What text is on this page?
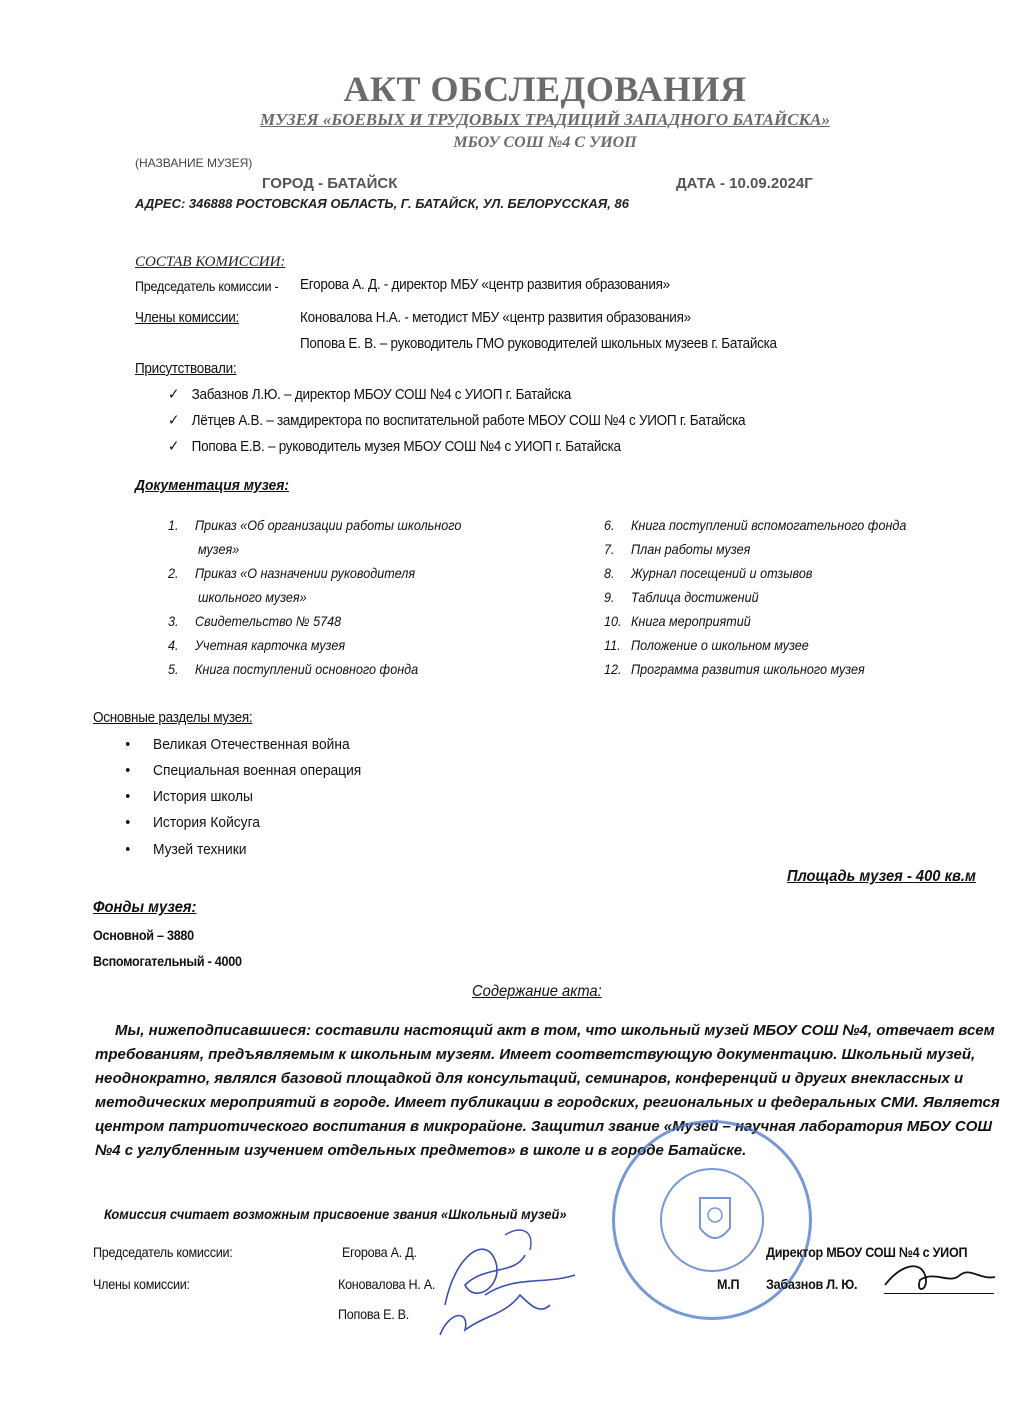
АКТ ОБСЛЕДОВАНИЯ
МУЗЕЯ «БОЕВЫХ И ТРУДОВЫХ ТРАДИЦИЙ ЗАПАДНОГО БАТАЙСКА»
МБОУ СОШ №4 С УИОП
(НАЗВАНИЕ МУЗЕЯ)
ГОРОД - БАТАЙСК	ДАТА - 10.09.2024Г
АДРЕС: 346888 РОСТОВСКАЯ ОБЛАСТЬ, Г. БАТАЙСК, УЛ. БЕЛОРУССКАЯ, 86
СОСТАВ КОМИССИИ:
Председатель комиссии - Егорова А. Д. - директор МБУ «центр развития образования»
Члены комиссии:	Коновалова Н.А. - методист МБУ «центр развития образования»
Попова Е. В. – руководитель ГМО руководителей школьных музеев г. Батайска
Присутствовали:
✓ Забазнов Л.Ю. – директор МБОУ СОШ №4 с УИОП г. Батайска
✓ Лётцев А.В. – замдиректора по воспитательной работе МБОУ СОШ №4 с УИОП г. Батайска
✓ Попова Е.В. – руководитель музея МБОУ СОШ №4 с УИОП г. Батайска
Документация музея:
1. Приказ «Об организации работы школьного
музея»
2. Приказ «О назначении руководителя
школьного музея»
3. Свидетельство № 5748
4. Учетная карточка музея
5. Книга поступлений основного фонда
6. Книга поступлений вспомогательного фонда
7. План работы музея
8. Журнал посещений и отзывов
9. Таблица достижений
10. Книга мероприятий
11. Положение о школьном музее
12. Программа развития школьного музея
Основные разделы музея:
• Великая Отечественная война
• Специальная военная операция
• История школы
• История Койсуга
• Музей техники
Площадь музея - 400 кв.м
Фонды музея:
Основной – 3880
Вспомогательный - 4000
Содержание акта:
Мы, нижеподписавшиеся: составили настоящий акт в том, что школьный музей МБОУ СОШ №4, отвечает всем требованиям, предъявляемым к школьным музеям. Имеет соответствующую документацию. Школьный музей, неоднократно, являлся базовой площадкой для консультаций, семинаров, конференций и других внеклассных и методических мероприятий в городе. Имеет публикации в городских, региональных и федеральных СМИ. Является центром патриотического воспитания в микрорайоне. Защитил звание «Музей – научная лаборатория МБОУ СОШ №4 с углубленным изучением отдельных предметов» в школе и в городе Батайске.
Комиссия считает возможным присвоение звания «Школьный музей»
Председатель комиссии:	Егорова А. Д.
Члены комиссии:	Коновалова Н. А.
Попова Е. В.
Директор МБОУ СОШ №4 с УИОП
М.П Забазнов Л. Ю.
